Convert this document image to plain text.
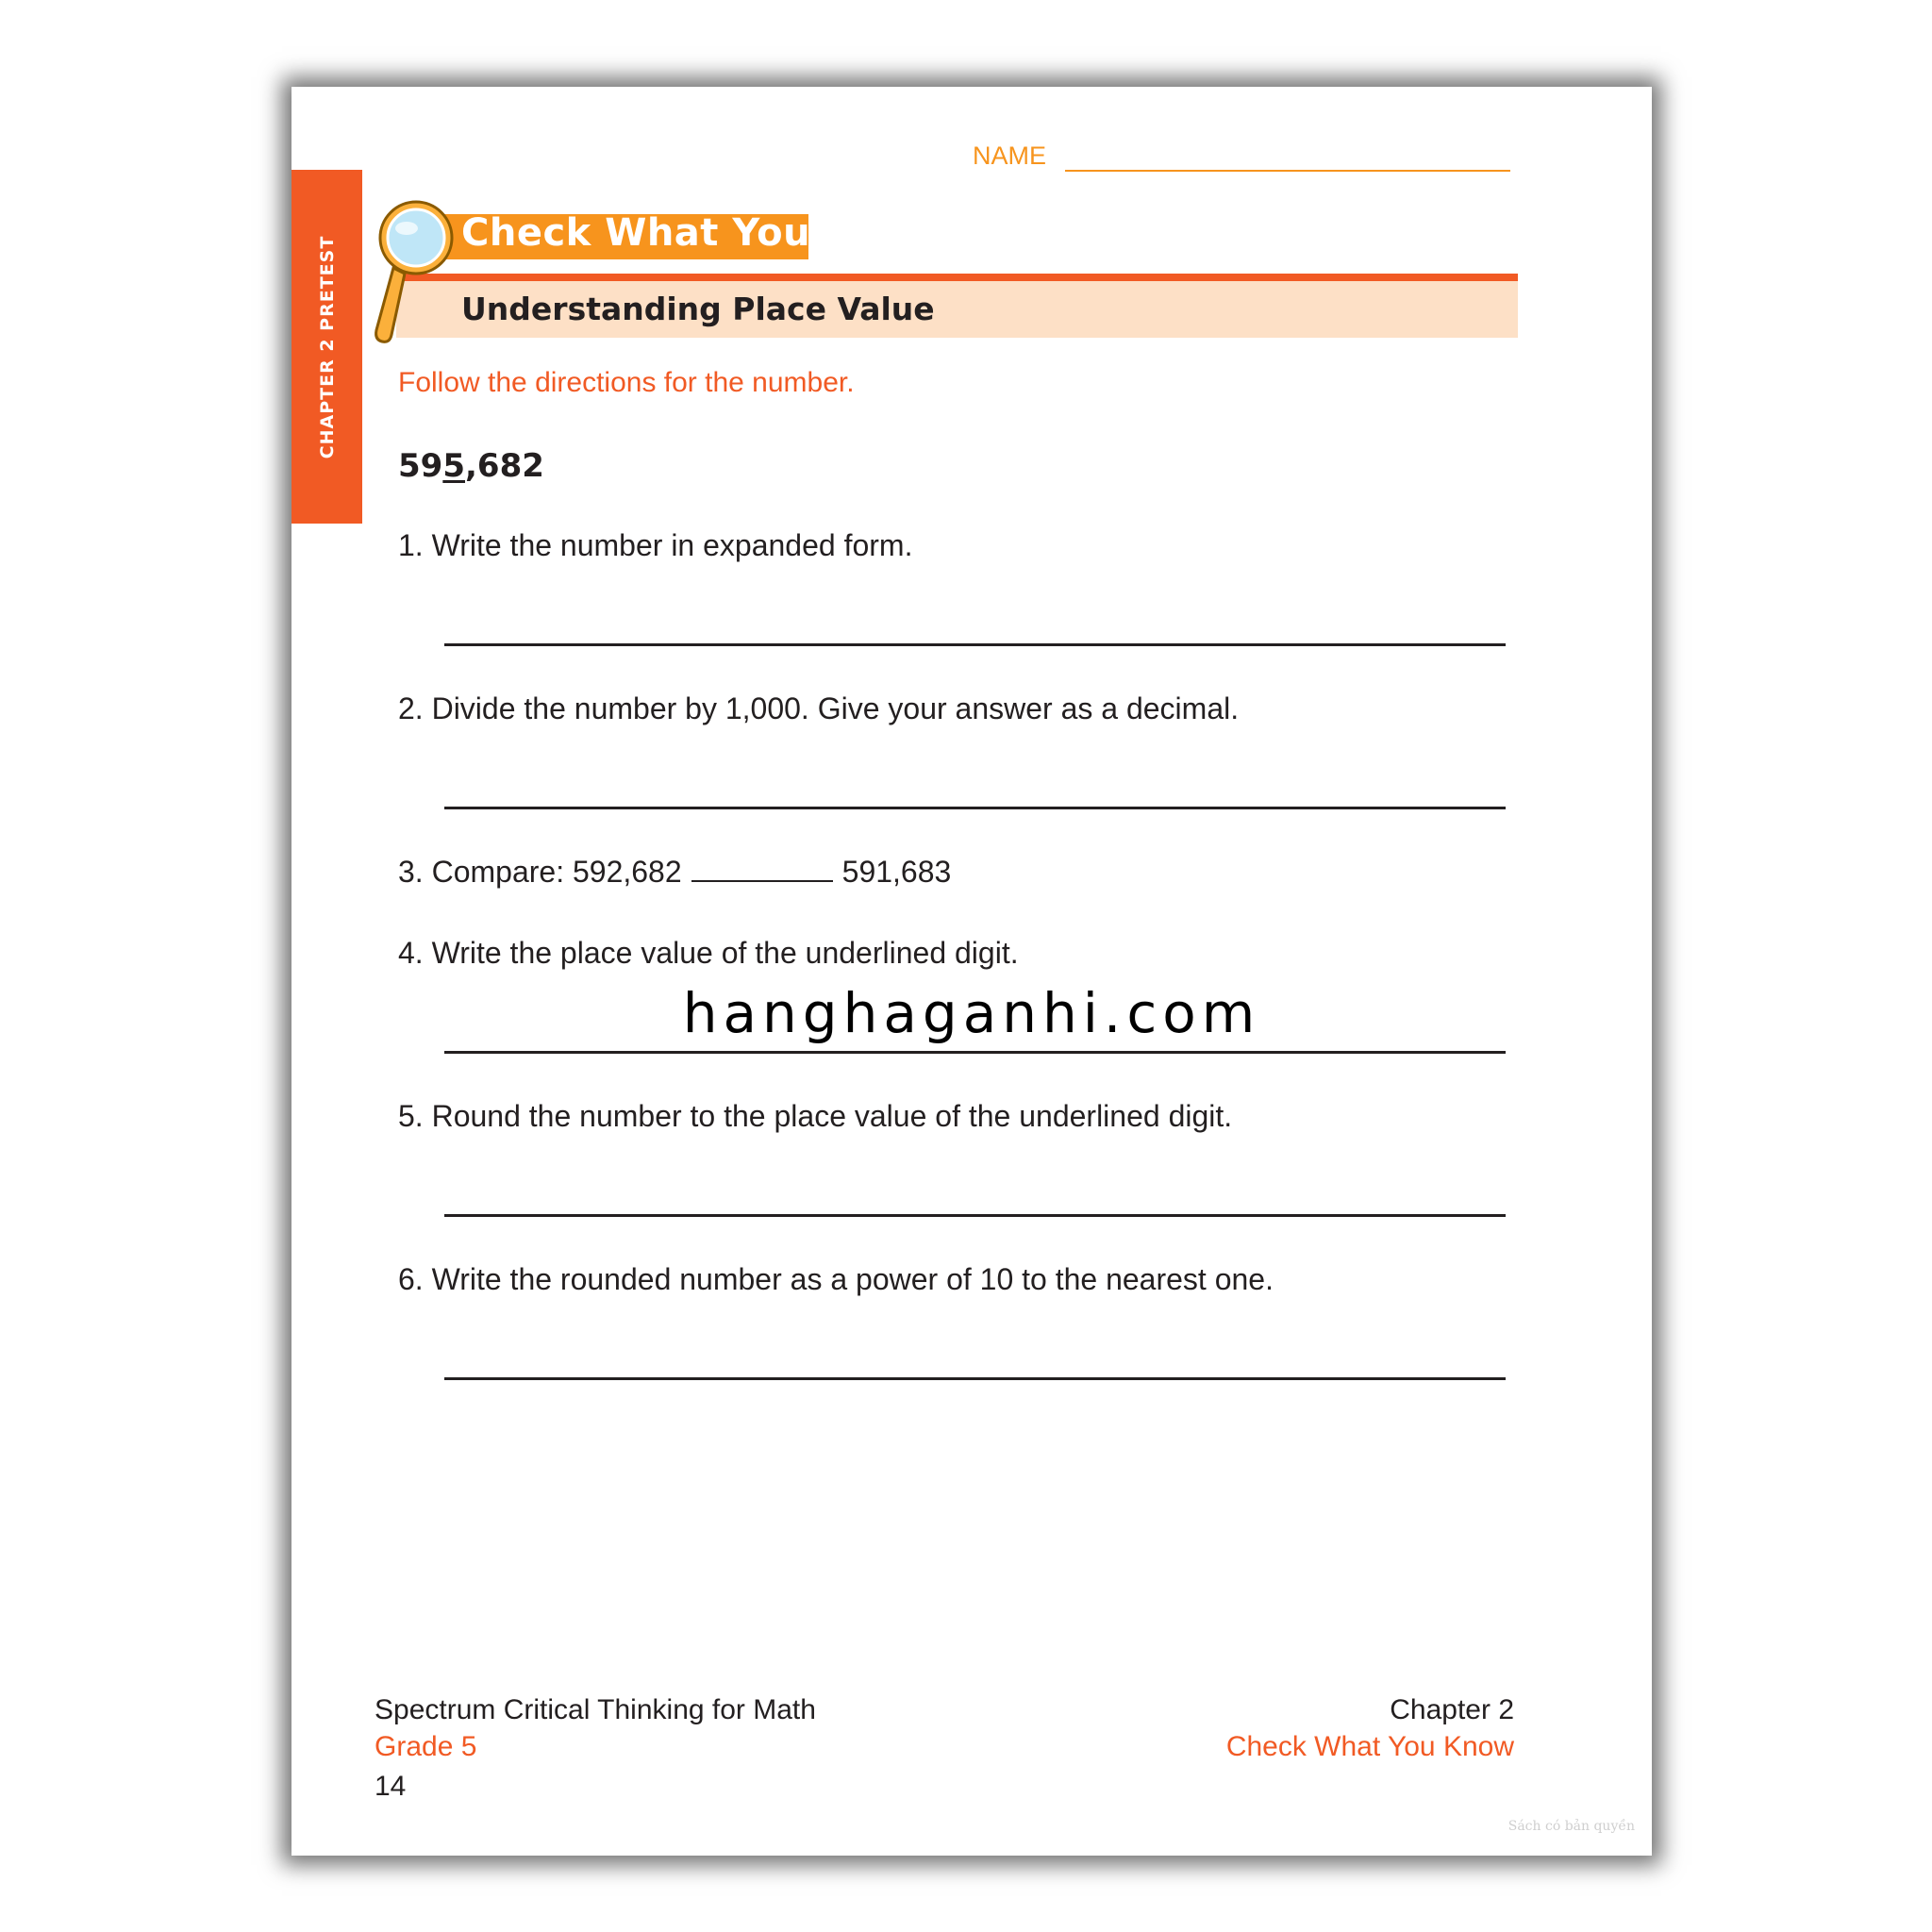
CHAPTER 2 PRETEST
NAME
Check What You Know
Understanding Place Value
Follow the directions for the number.
595,682
1. Write the number in expanded form.
2. Divide the number by 1,000. Give your answer as a decimal.
3. Compare: 592,682	591,683
4. Write the place value of the underlined digit.
5. Round the number to the place value of the underlined digit.
6. Write the rounded number as a power of 10 to the nearest one.
hanghaganhi.com
Spectrum Critical Thinking for Math
Grade 5
14
Chapter 2
Check What You Know
Sách có bản quyền
